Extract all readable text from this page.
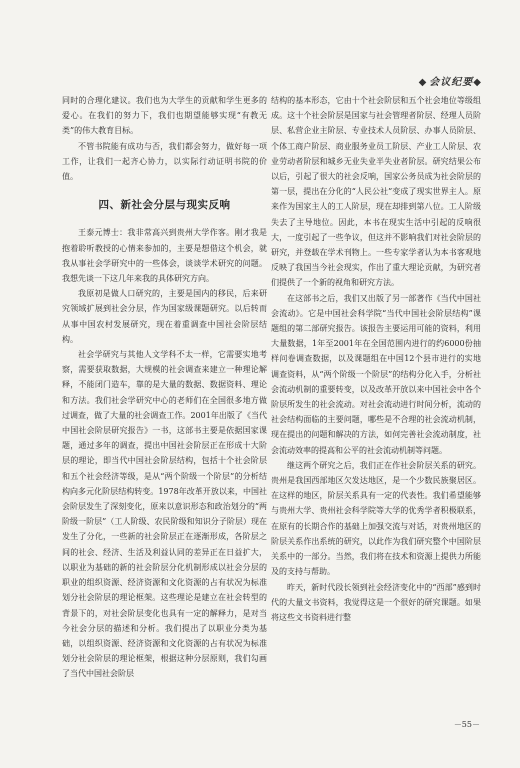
◆ 会议纪要◆

同时的合理化建议。我们也为大学生的贡献和学生更多的爱心。在我们的努力下，我们也期望能够实现“有教无类”的伟大教育目标。

不管书院能有成功与否，我们都会努力，做好每一项工作，让我们一起齐心协力，以实际行动证明书院的价值。

四、新社会分层与现实反响

王泰元博士：我非常高兴到贵州大学作客。刚才我是抱着聆听教授的心情来参加的，主要是想借这个机会，就我从事社会学研究中的一些体会，谈谈学术研究的问题。我想先谈一下这几年来我的具体研究方向。

我原初是做人口研究的，主要是国内的移民，后来研究领域扩展到社会分层，作为国家级课题研究。以后转而从事中国农村发展研究，现在着重调查中国社会阶层结构。

社会学研究与其他人文学科不太一样，它需要实地考察，需要获取数据，大规模的社会调查来建立一种理论解释，不能闭门造车，靠的是大量的数据、数据资料、理论和方法。我们社会学研究中心的老师们在全国很多地方做过调查，做了大量的社会调查工作。2001年出版了《当代中国社会阶层研究报告》一书，这部书主要是依据国家课题，通过多年的调查，提出中国社会阶层正在形成十大阶层的理论，即当代中国社会阶层结构，包括十个社会阶层和五个社会经济等级，是从“两个阶级一个阶层”的分析结构向多元化阶层结构转变。1978年改革开放以来，中国社会阶层发生了深刻变化，原来以意识形态和政治划分的“两阶级一阶层”（工人阶级、农民阶级和知识分子阶层）现在发生了分化，一些新的社会阶层正在逐渐形成，各阶层之间的社会、经济、生活及利益认同的差异正在日益扩大，以职业为基础的新的社会阶层分化机制形成以社会分层的职业的组织资源、经济资源和文化资源的占有状况为标准划分社会阶层的理论框架。这些理论是建立在社会转型的背景下的，对社会阶层变化也具有一定的解释力，是对当今社会分层的描述和分析。我们提出了以职业分类为基础，以组织资源、经济资源和文化资源的占有状况为标准划分社会阶层的理论框架，根据这种分层原则，我们勾画了当代中国社会阶层

结构的基本形态，它由十个社会阶层和五个社会地位等级组成。这十个社会阶层是国家与社会管理者阶层、经理人员阶层、私营企业主阶层、专业技术人员阶层、办事人员阶层、个体工商户阶层、商业服务业员工阶层、产业工人阶层、农业劳动者阶层和城乡无业失业半失业者阶层。研究结果公布以后，引起了很大的社会反响，国家公务员成为社会阶层的第一层，提出在分化的“人民公社”变成了现实世界主人。原来作为国家主人的工人阶层，现在却排到第八位。工人阶级失去了主导地位。因此，本书在现实生活中引起的反响很大，一度引起了一些争议，但这并不影响我们对社会阶层的研究，并登载在学术刊物上。一些专家学者认为本书客观地反映了我国当今社会现实，作出了重大理论贡献，为研究者们提供了一个新的视角和研究方法。

在这部书之后，我们又出版了另一部著作《当代中国社会流动》。它是中国社会科学院“当代中国社会阶层结构”课题组的第二部研究报告。该报告主要运用可能的资料，利用大量数据，1年至2001年在全国范围内进行的约6000份抽样问卷调查数据，以及课题组在中国12个县市进行的实地调查资料，从“两个阶级一个阶层”的结构分化入手，分析社会流动机制的重要转变，以及改革开放以来中国社会中各个阶层所发生的社会流动。对社会流动进行时间分析，流动的社会结构面临的主要问题，哪些是不合理的社会流动机制，现在提出的问题和解决的方法，如何完善社会流动制度，社会流动效率的提高和公平的社会流动机制等问题。

继这两个研究之后，我们正在作社会阶层关系的研究。贵州是我国西部地区欠发达地区，是一个少数民族聚居区。在这样的地区，阶层关系具有一定的代表性。我们希望能够与贵州大学、贵州社会科学院等大学的优秀学者积极联系，在原有的长期合作的基础上加强交流与对话，对贵州地区的阶层关系作出系统的研究，以此作为我们研究整个中国阶层关系中的一部分。当然，我们将在技术和资源上提供力所能及的支持与帮助。

昨天，新时代段长领到社会经济变化中的“西部”感到时代的大量文书资料，我觉得这是一个很好的研究课题。如果将这些文书资料进行整

－55－
